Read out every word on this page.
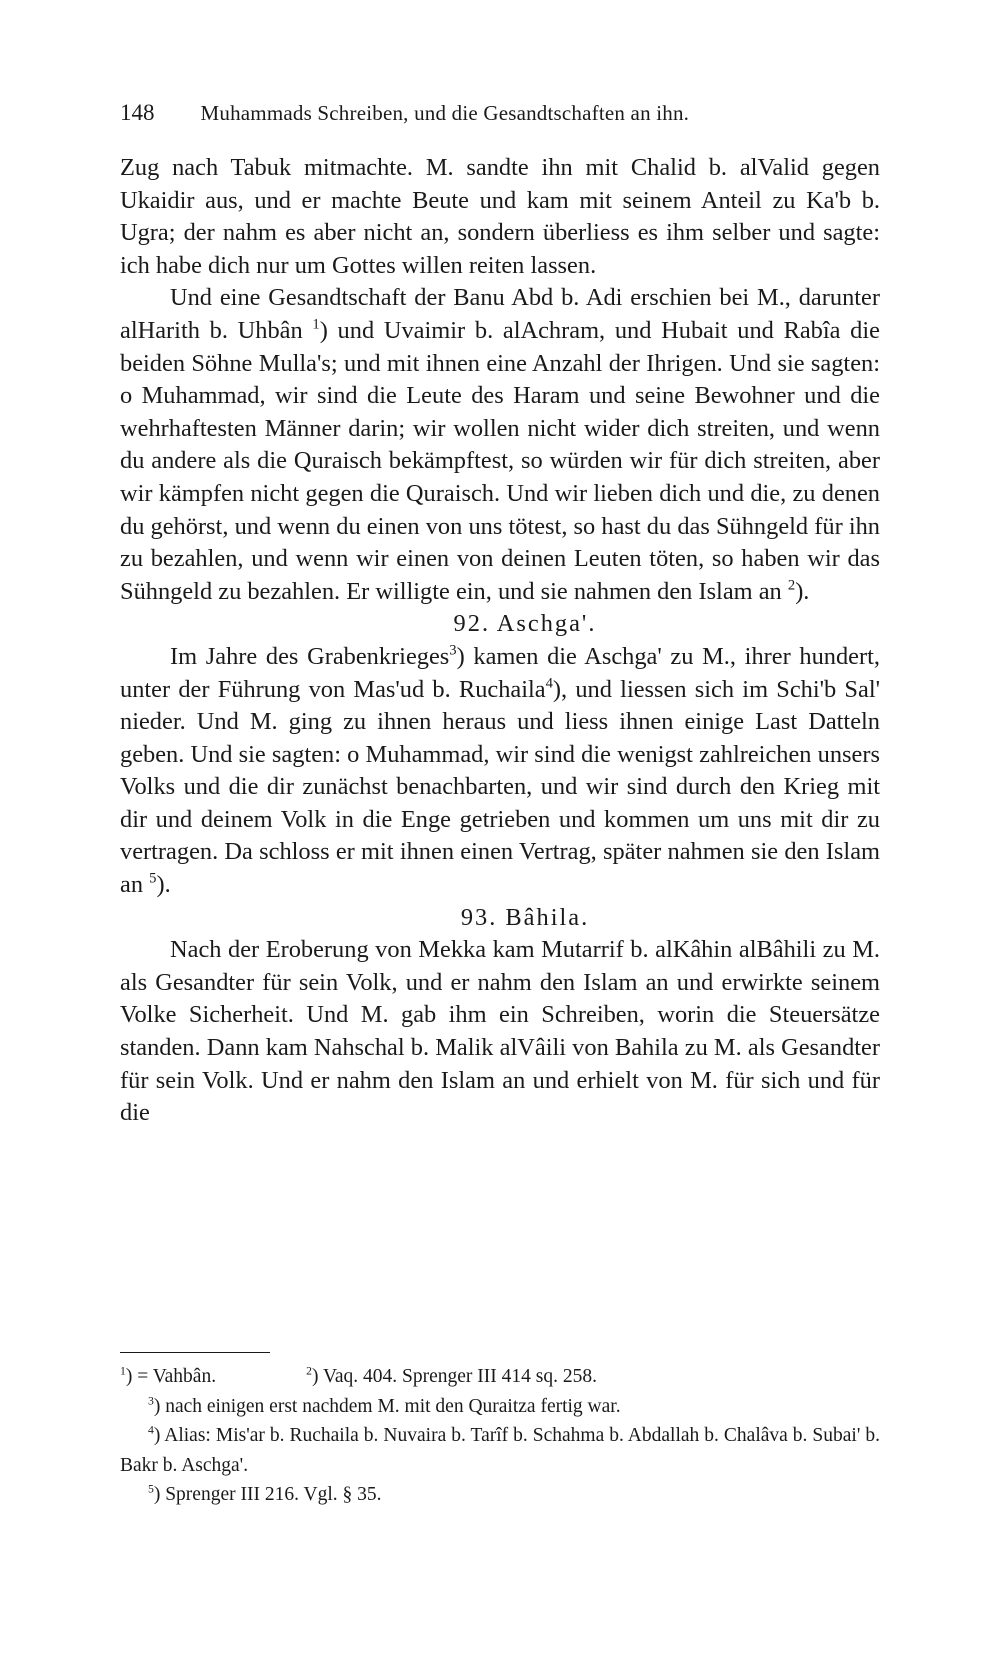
148 Muhammads Schreiben, und die Gesandtschaften an ihn.

Zug nach Tabuk mitmachte. M. sandte ihn mit Chalid b. alValid gegen Ukaidir aus, und er machte Beute und kam mit seinem Anteil zu Ka'b b. Ugra; der nahm es aber nicht an, sondern überliess es ihm selber und sagte: ich habe dich nur um Gottes willen reiten lassen.

Und eine Gesandtschaft der Banu Abd b. Adi erschien bei M., darunter alHarith b. Uhbân $^1$) und Uvaimir b. alAchram, und Hubait und Rabîa die beiden Söhne Mulla's; und mit ihnen eine Anzahl der Ihrigen. Und sie sagten: o Muhammad, wir sind die Leute des Haram und seine Bewohner und die wehrhaftesten Männer darin; wir wollen nicht wider dich streiten, und wenn du andere als die Quraisch bekämpftest, so würden wir für dich streiten, aber wir kämpfen nicht gegen die Quraisch. Und wir lieben dich und die, zu denen du gehörst, und wenn du einen von uns tötest, so hast du das Sühngeld für ihn zu bezahlen, und wenn wir einen von deinen Leuten töten, so haben wir das Sühngeld zu bezahlen. Er willigte ein, und sie nahmen den Islam an $^2$).

92. Aschga'.

Im Jahre des Grabenkrieges$^3$) kamen die Aschga' zu M., ihrer hundert, unter der Führung von Mas'ud b. Ruchaila$^4$), und liessen sich im Schi'b Sal' nieder. Und M. ging zu ihnen heraus und liess ihnen einige Last Datteln geben. Und sie sagten: o Muhammad, wir sind die wenigst zahlreichen unsers Volks und die dir zunächst benachbarten, und wir sind durch den Krieg mit dir und deinem Volk in die Enge getrieben und kommen um uns mit dir zu vertragen. Da schloss er mit ihnen einen Vertrag, später nahmen sie den Islam an $^5$).

93. Bâhila.

Nach der Eroberung von Mekka kam Mutarrif b. alKâhin alBâhili zu M. als Gesandter für sein Volk, und er nahm den Islam an und erwirkte seinem Volke Sicherheit. Und M. gab ihm ein Schreiben, worin die Steuersätze standen. Dann kam Nahschal b. Malik alVâili von Bahila zu M. als Gesandter für sein Volk. Und er nahm den Islam an und erhielt von M. für sich und für die

$^1$) = Vahbân.	$^2$) Vaq. 404. Sprenger III 414 sq. 258.

$^3$) nach einigen erst nachdem M. mit den Quraitza fertig war.

$^4$) Alias: Mis'ar b. Ruchaila b. Nuvaira b. Tarîf b. Schahma b. Abdallah b. Chalâva b. Subai' b. Bakr b. Aschga'.

$^5$) Sprenger III 216. Vgl. § 35.
